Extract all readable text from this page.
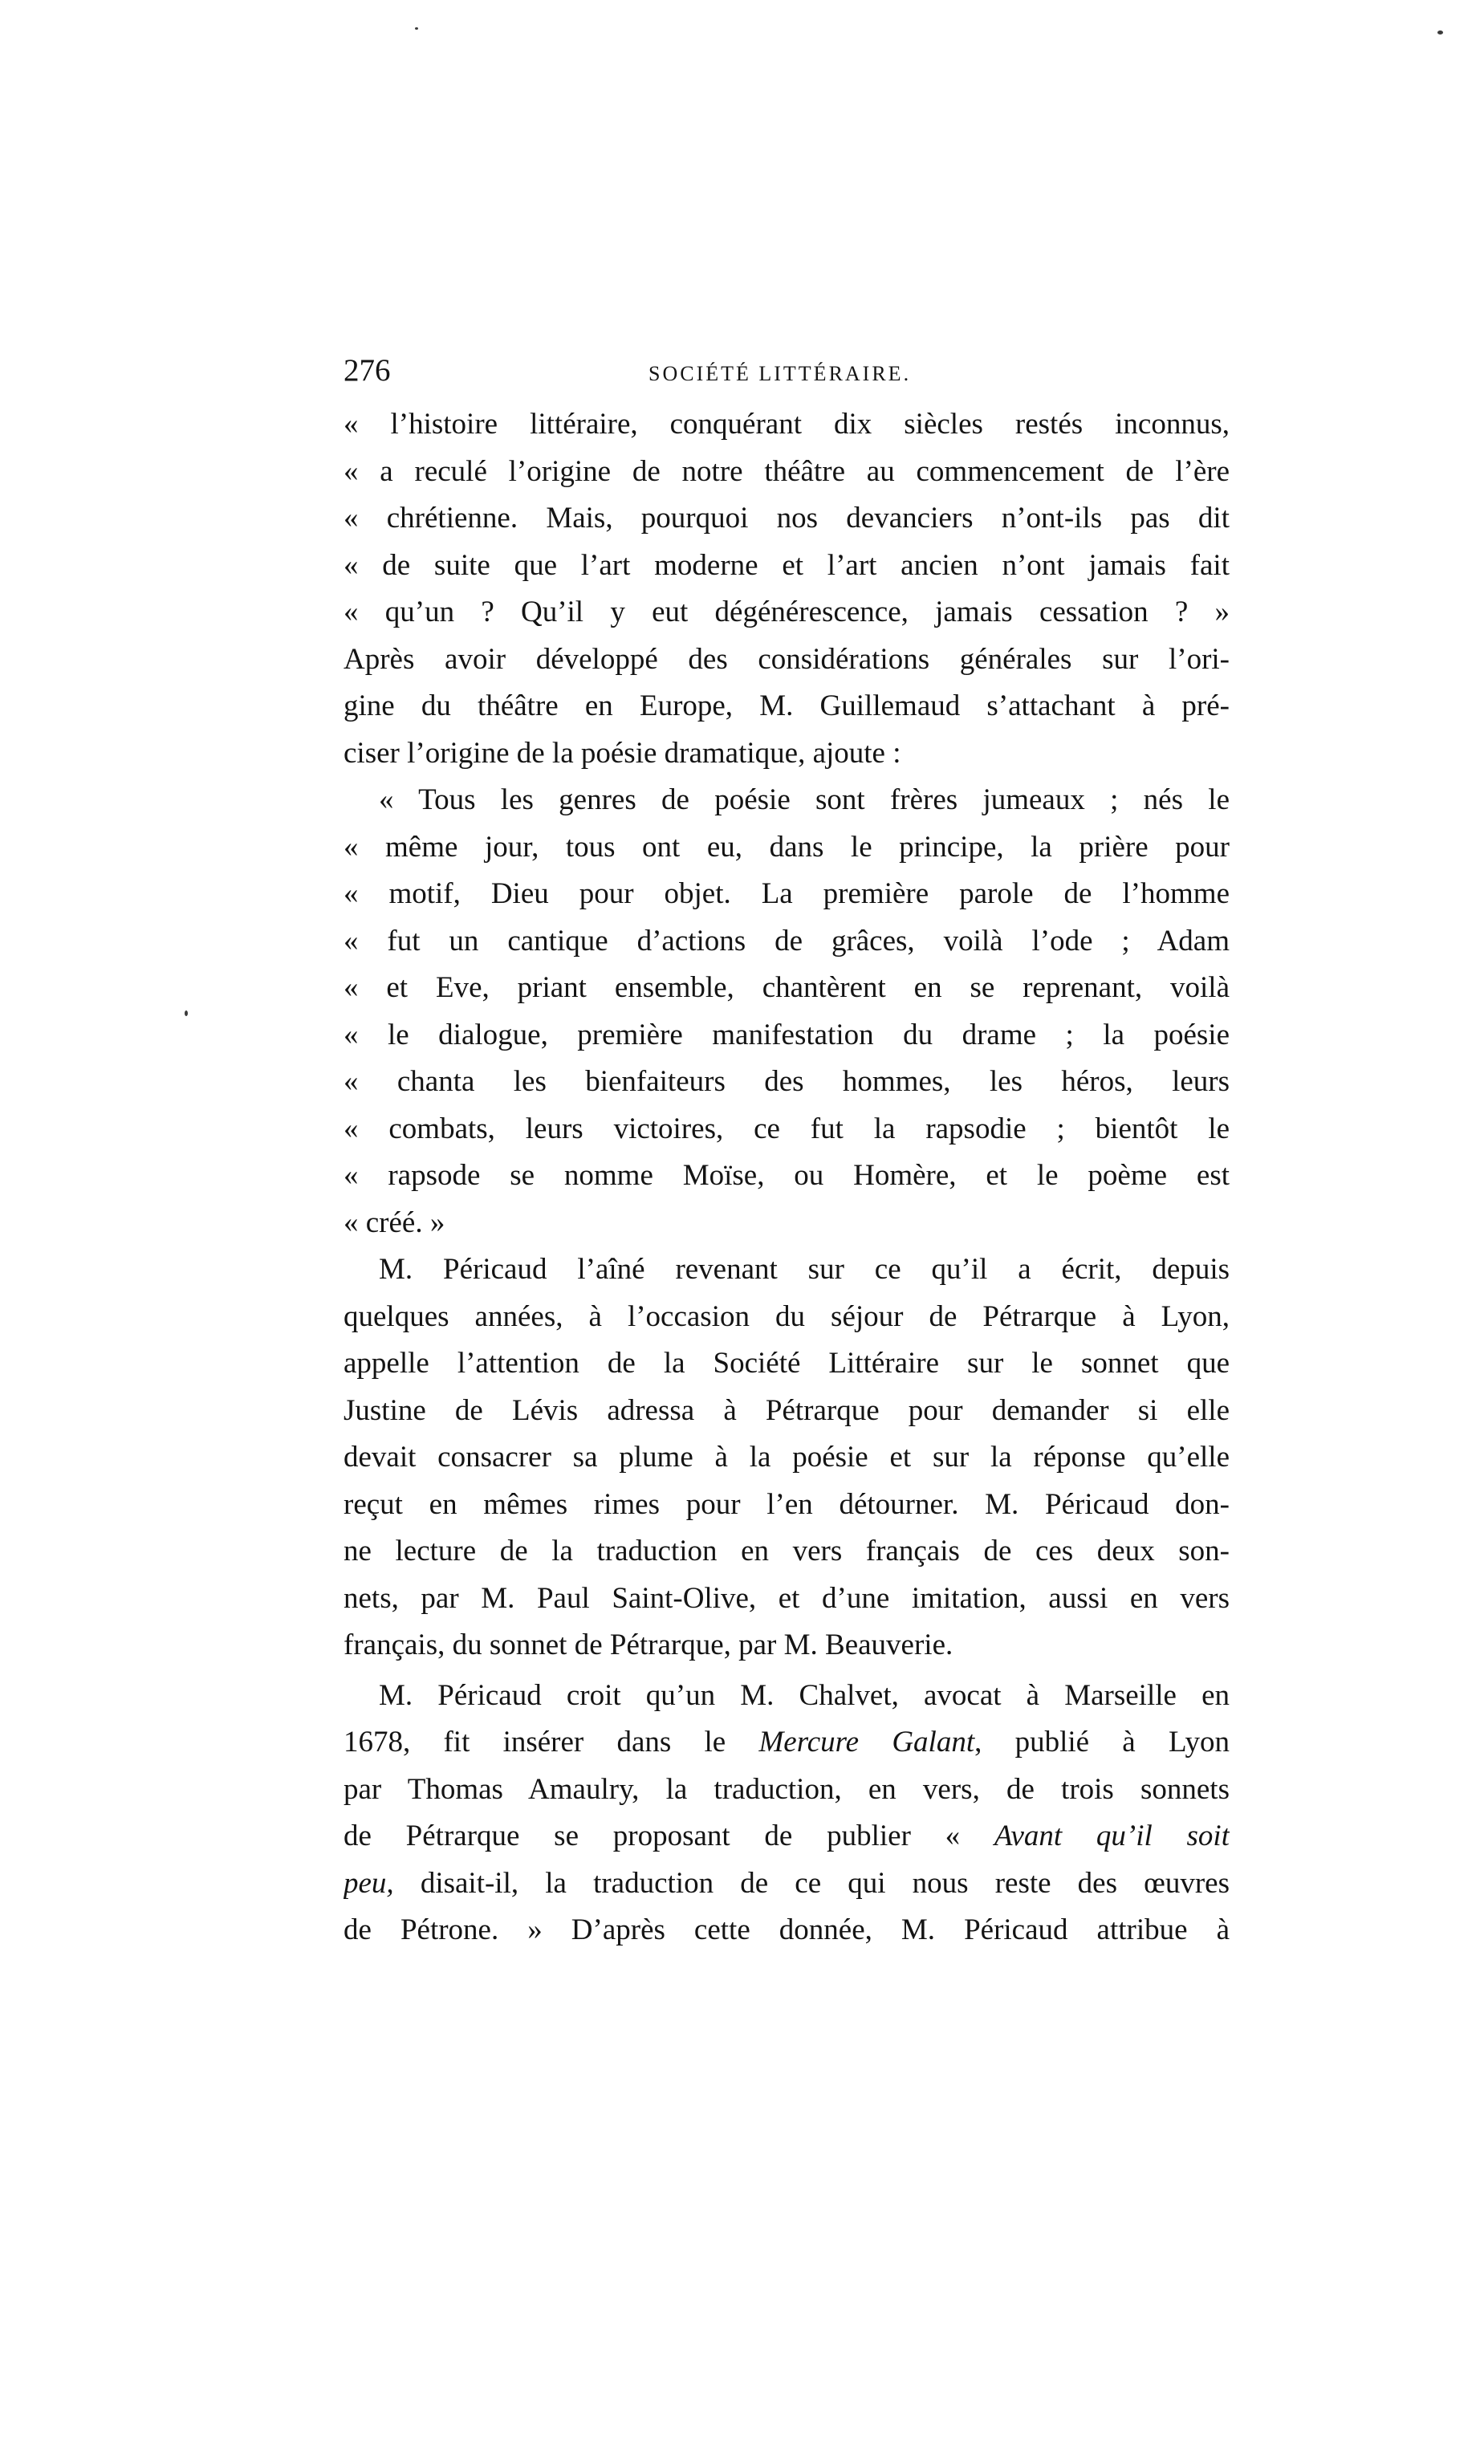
276	SOCIÉTÉ LITTÉRAIRE.
« l’histoire littéraire, conquérant dix siècles restés inconnus,
« a reculé l’origine de notre théâtre au commencement de l’ère
« chrétienne. Mais, pourquoi nos devanciers n’ont-ils pas dit
« de suite que l’art moderne et l’art ancien n’ont jamais fait
« qu’un ? Qu’il y eut dégénérescence, jamais cessation ? »
Après avoir développé des considérations générales sur l’ori-
gine du théâtre en Europe, M. Guillemaud s’attachant à pré-
ciser l’origine de la poésie dramatique, ajoute :
« Tous les genres de poésie sont frères jumeaux ; nés le
« même jour, tous ont eu, dans le principe, la prière pour
« motif, Dieu pour objet. La première parole de l’homme
« fut un cantique d’actions de grâces, voilà l’ode ; Adam
« et Eve, priant ensemble, chantèrent en se reprenant, voilà
« le dialogue, première manifestation du drame ; la poésie
« chanta les bienfaiteurs des hommes, les héros, leurs
« combats, leurs victoires, ce fut la rapsodie ; bientôt le
« rapsode se nomme Moïse, ou Homère, et le poème est
« créé. »
M. Péricaud l’aîné revenant sur ce qu’il a écrit, depuis
quelques années, à l’occasion du séjour de Pétrarque à Lyon,
appelle l’attention de la Société Littéraire sur le sonnet que
Justine de Lévis adressa à Pétrarque pour demander si elle
devait consacrer sa plume à la poésie et sur la réponse qu’elle
reçut en mêmes rimes pour l’en détourner. M. Péricaud don-
ne lecture de la traduction en vers français de ces deux son-
nets, par M. Paul Saint-Olive, et d’une imitation, aussi en vers
français, du sonnet de Pétrarque, par M. Beauverie.
M. Péricaud croit qu’un M. Chalvet, avocat à Marseille en
1678, fit insérer dans le Mercure Galant, publié à Lyon
par Thomas Amaulry, la traduction, en vers, de trois sonnets
de Pétrarque se proposant de publier « Avant qu’il soit
peu, disait-il, la traduction de ce qui nous reste des œuvres
de Pétrone. » D’après cette donnée, M. Péricaud attribue à
